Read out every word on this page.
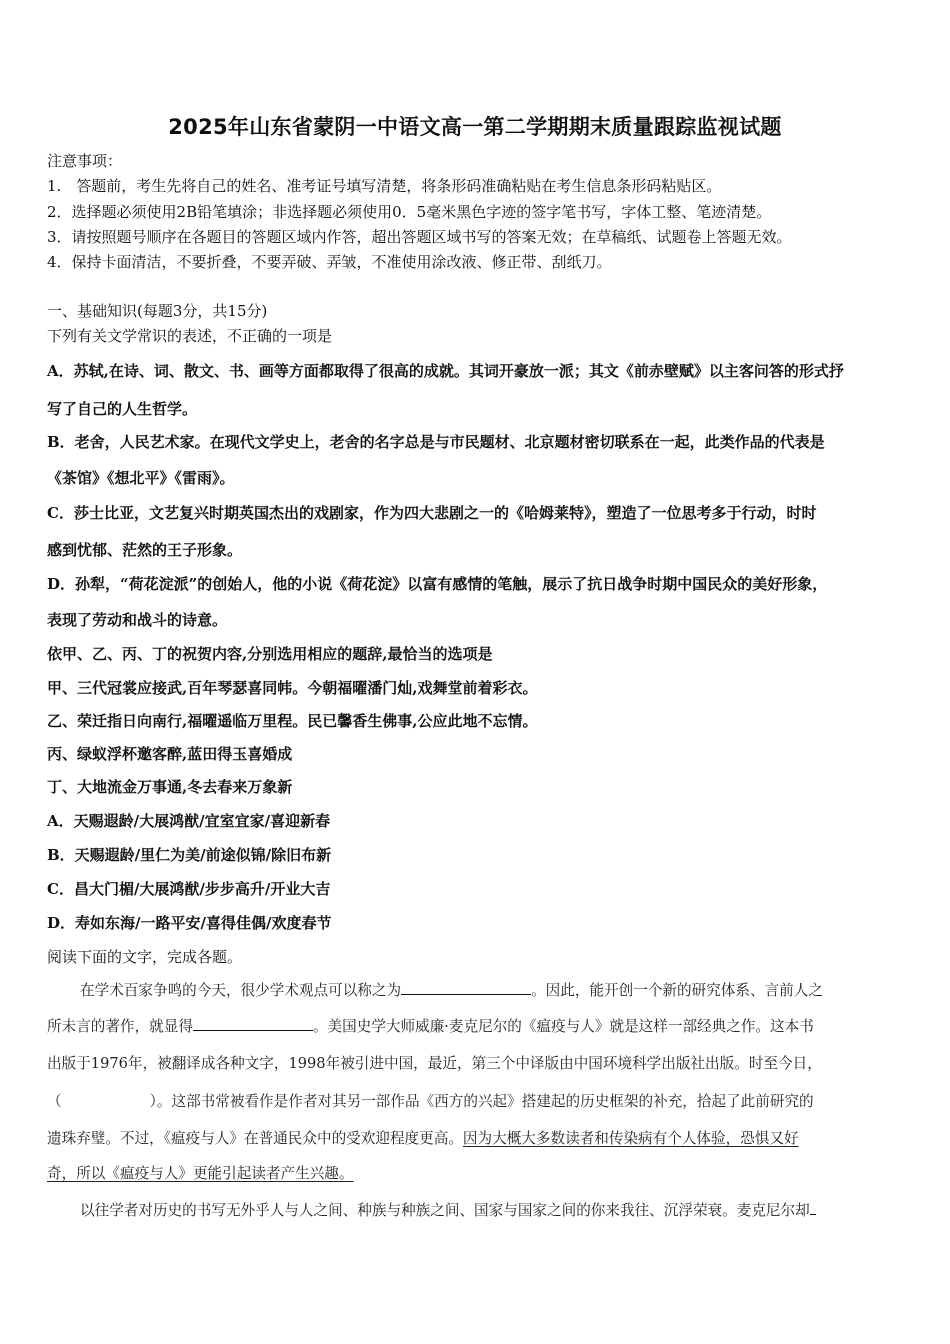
2025年山东省蒙阴一中语文高一第二学期期末质量跟踪监视试题
注意事项：
1.　答题前，考生先将自己的姓名、准考证号填写清楚，将条形码准确粘贴在考生信息条形码粘贴区。
2．选择题必须使用2B铅笔填涂；非选择题必须使用0．5毫米黑色字迹的签字笔书写，字体工整、笔迹清楚。
3．请按照题号顺序在各题目的答题区域内作答，超出答题区域书写的答案无效；在草稿纸、试题卷上答题无效。
4．保持卡面清洁，不要折叠，不要弄破、弄皱，不准使用涂改液、修正带、刮纸刀。
一、基础知识(每题3分，共15分)
下列有关文学常识的表述，不正确的一项是
A．苏轼,在诗、词、散文、书、画等方面都取得了很高的成就。其词开豪放一派；其文《前赤壁赋》以主客问答的形式抒
写了自己的人生哲学。
B．老舍，人民艺术家。在现代文学史上，老舍的名字总是与市民题材、北京题材密切联系在一起，此类作品的代表是
《茶馆》《想北平》《雷雨》。
C．莎士比亚，文艺复兴时期英国杰出的戏剧家，作为四大悲剧之一的《哈姆莱特》，塑造了一位思考多于行动，时时
感到忧郁、茫然的王子形象。
D．孙犁，“荷花淀派”的创始人，他的小说《荷花淀》以富有感情的笔触，展示了抗日战争时期中国民众的美好形象，
表现了劳动和战斗的诗意。
依甲、乙、丙、丁的祝贺内容,分别选用相应的题辞,最恰当的选项是
甲、三代冠裳应接武,百年琴瑟喜同帏。今朝福曜潘门灿,戏舞堂前着彩衣。
乙、荣迁指日向南行,福曜遥临万里程。民已馨香生佛事,公应此地不忘情。
丙、绿蚁浮杯邀客醉,蓝田得玉喜婚成
丁、大地流金万事通,冬去春来万象新
A．天赐遐龄/大展鸿猷/宜室宜家/喜迎新春
B．天赐遐龄/里仁为美/前途似锦/除旧布新
C．昌大门楣/大展鸿猷/步步高升/开业大吉
D．寿如东海/一路平安/喜得佳偶/欢度春节
阅读下面的文字，完成各题。
在学术百家争鸣的今天，很少学术观点可以称之为	。因此，能开创一个新的研究体系、言前人之
所未言的著作，就显得	。美国史学大师威廉·麦克尼尔的《瘟疫与人》就是这样一部经典之作。这本书
出版于1976年，被翻译成各种文字，1998年被引进中国，最近，第三个中译版由中国环境科学出版社出版。时至今日，
（	）。这部书常被看作是作者对其另一部作品《西方的兴起》搭建起的历史框架的补充，拾起了此前研究的
遗珠弃璧。不过，《瘟疫与人》在普通民众中的受欢迎程度更高。因为大概大多数读者和传染病有个人体验，恐惧又好
奇，所以《瘟疫与人》更能引起读者产生兴趣。
以往学者对历史的书写无外乎人与人之间、种族与种族之间、国家与国家之间的你来我往、沉浮荣衰。麦克尼尔却
